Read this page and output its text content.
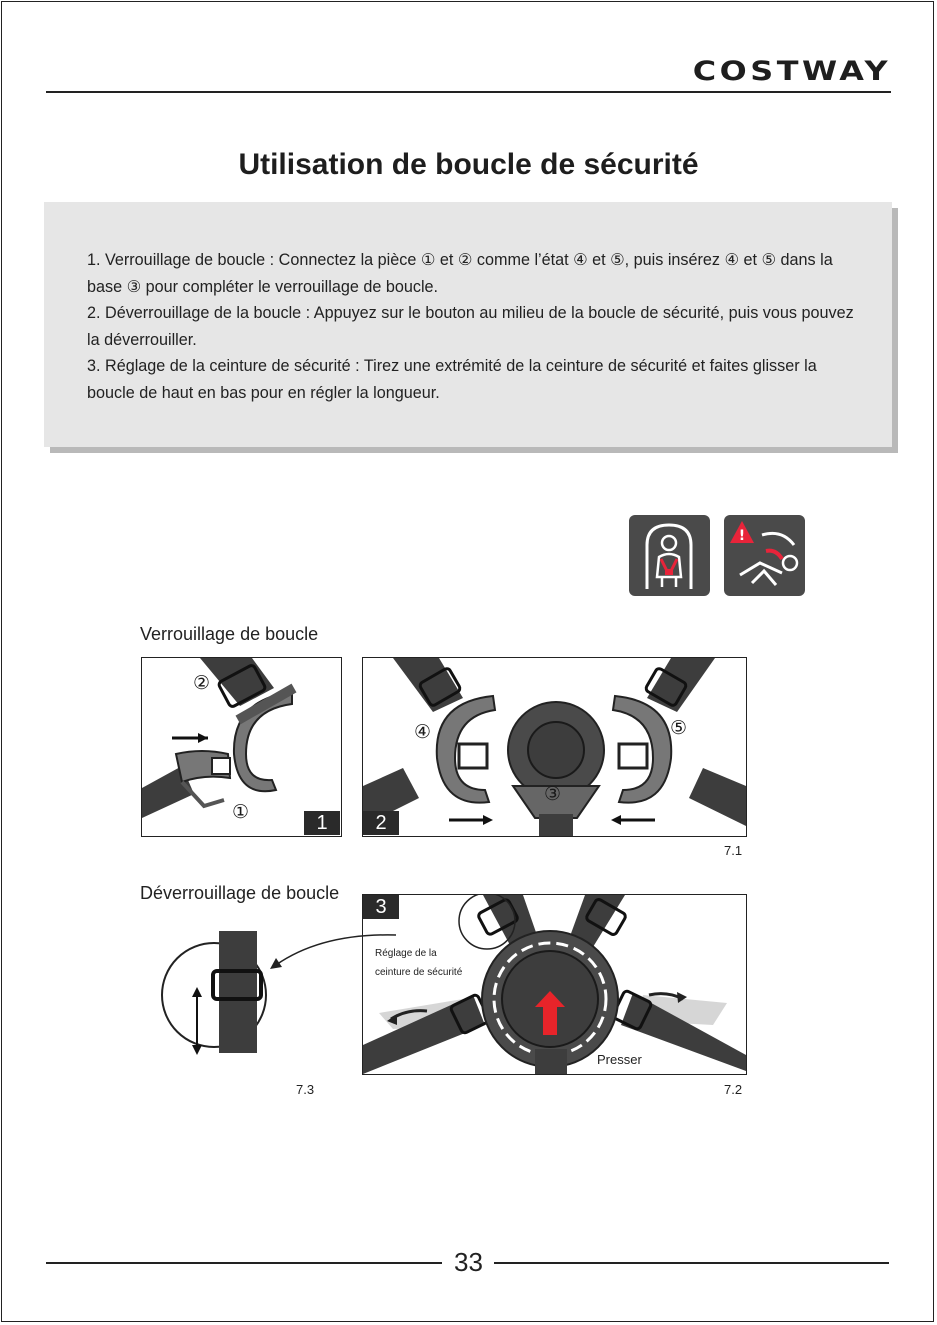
COSTWAY
Utilisation de boucle de sécurité

1. Verrouillage de boucle : Connectez la pièce ① et ② comme l’état ④ et ⑤, puis insérez ④ et ⑤ dans la base ③ pour compléter le verrouillage de boucle.

2. Déverrouillage de la boucle : Appuyez sur le bouton au milieu de la boucle de sécurité, puis vous pouvez la déverrouiller.

3. Réglage de la ceinture de sécurité : Tirez une extrémité de la ceinture de sécurité et faites glisser la boucle de haut en bas pour en régler la longueur.

!
Verrouillage de boucle
②
①	1
④	⑤
③
2
7.1
Déverrouillage de boucle
Réglage de la
ceinture de sécurité
Presser
3
7.3	7.2
33
